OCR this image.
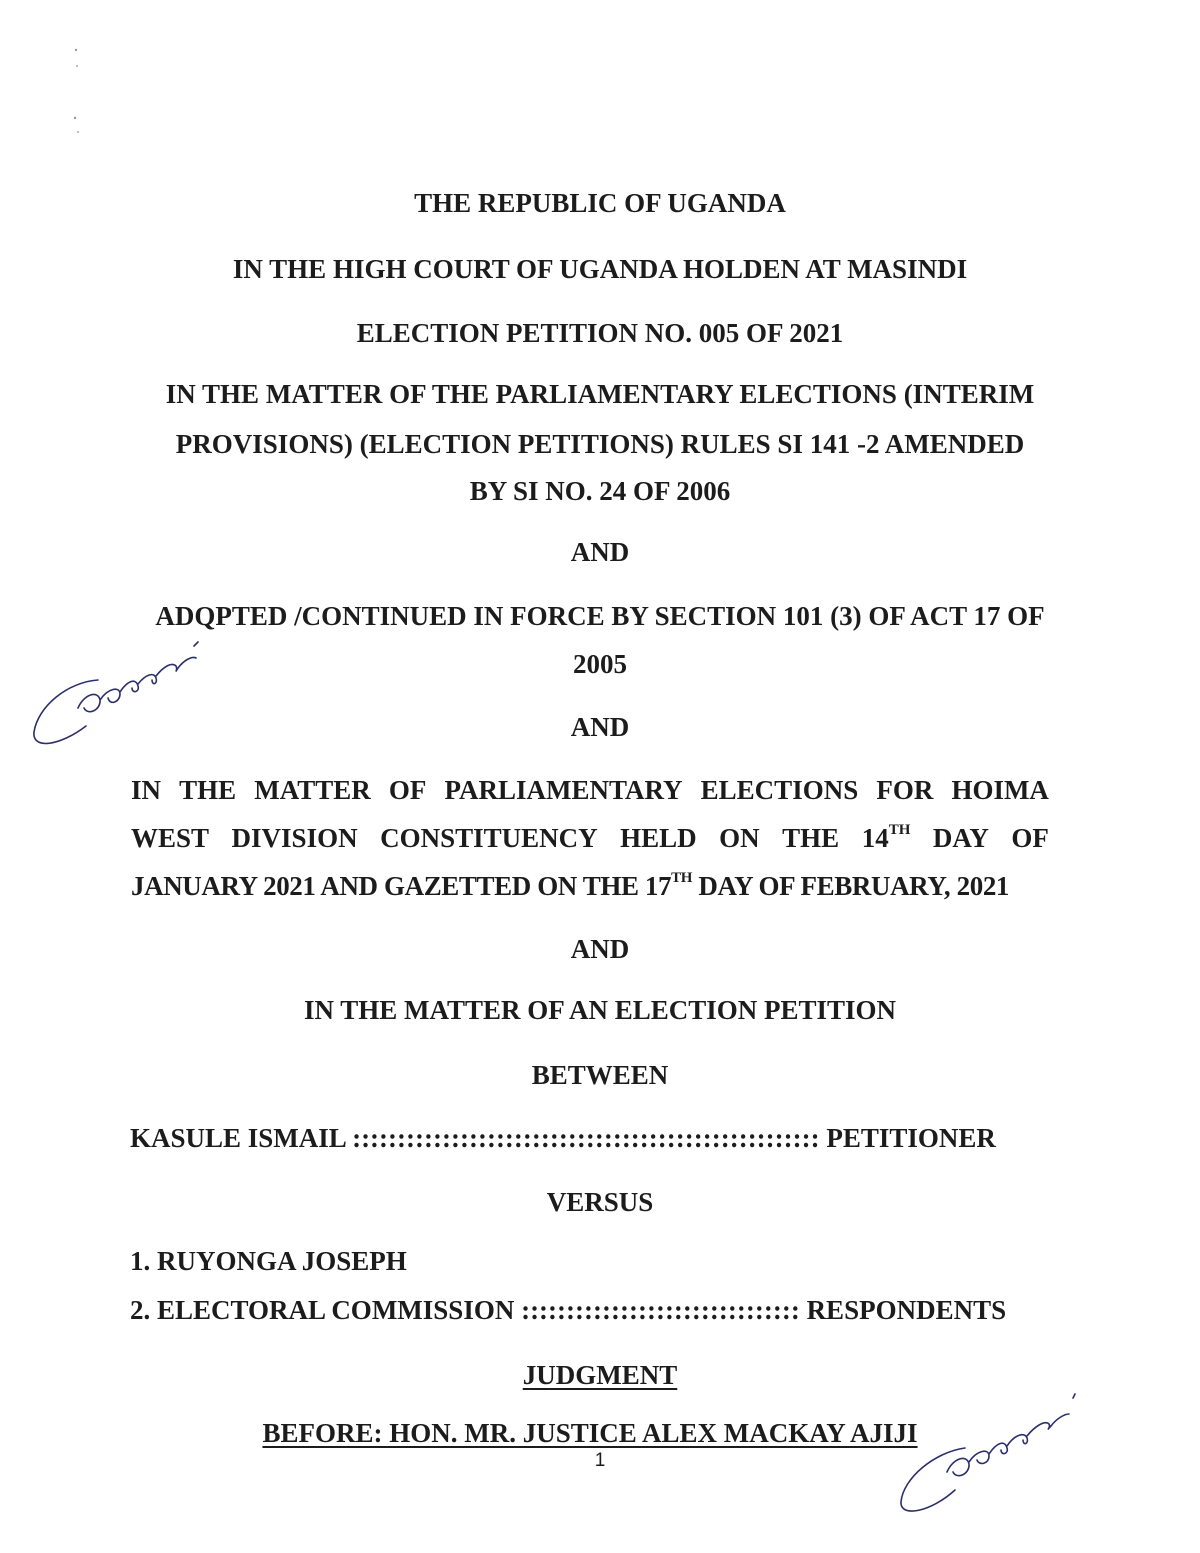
THE REPUBLIC OF UGANDA
IN THE HIGH COURT OF UGANDA HOLDEN AT MASINDI
ELECTION PETITION NO. 005 OF 2021
IN THE MATTER OF THE PARLIAMENTARY ELECTIONS (INTERIM
PROVISIONS) (ELECTION PETITIONS) RULES SI 141 -2 AMENDED
BY SI NO. 24 OF 2006
AND
ADQPTED /CONTINUED IN FORCE BY SECTION 101 (3) OF ACT 17 OF
2005
AND
IN THE MATTER OF PARLIAMENTARY ELECTIONS FOR HOIMA
WEST DIVISION CONSTITUENCY HELD ON THE 14TH DAY OF
JANUARY 2021 AND GAZETTED ON THE 17TH DAY OF FEBRUARY, 2021
AND
IN THE MATTER OF AN ELECTION PETITION
BETWEEN
KASULE ISMAIL :::::::::::::::::::::::::::::::::::::::::::::::::::: PETITIONER
VERSUS
1. RUYONGA JOSEPH
2. ELECTORAL COMMISSION ::::::::::::::::::::::::::::::: RESPONDENTS
JUDGMENT
BEFORE: HON. MR. JUSTICE ALEX MACKAY AJIJI
1
